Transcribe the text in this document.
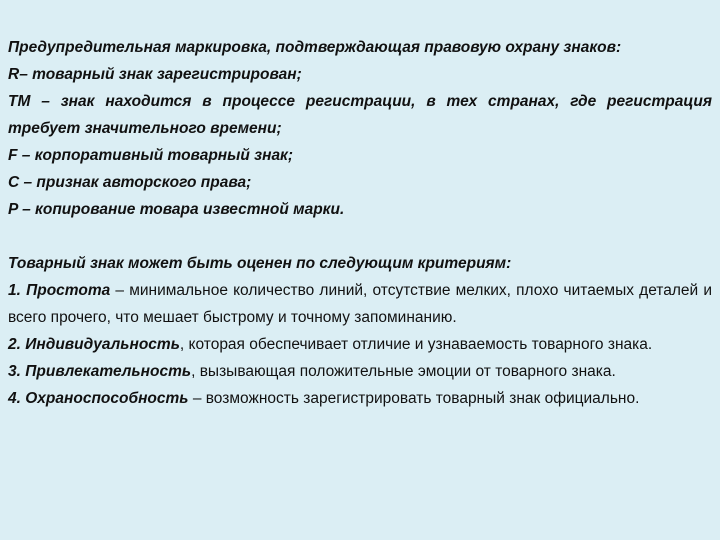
Предупредительная маркировка, подтверждающая правовую охрану знаков:

R– товарный знак зарегистрирован;

TM – знак находится в процессе регистрации, в тех странах, где регистрация требует значительного времени;

F – корпоративный товарный знак;

C – признак авторского права;

P – копирование товара известной марки.

Товарный знак может быть оценен по следующим критериям:

1. Простота – минимальное количество линий, отсутствие мелких, плохо читаемых деталей и всего прочего, что мешает быстрому и точному запоминанию.

2. Индивидуальность, которая обеспечивает отличие и узнаваемость товарного знака.

3. Привлекательность, вызывающая положительные эмоции от товарного знака.

4. Охраноспособность – возможность зарегистрировать товарный знак официально.
